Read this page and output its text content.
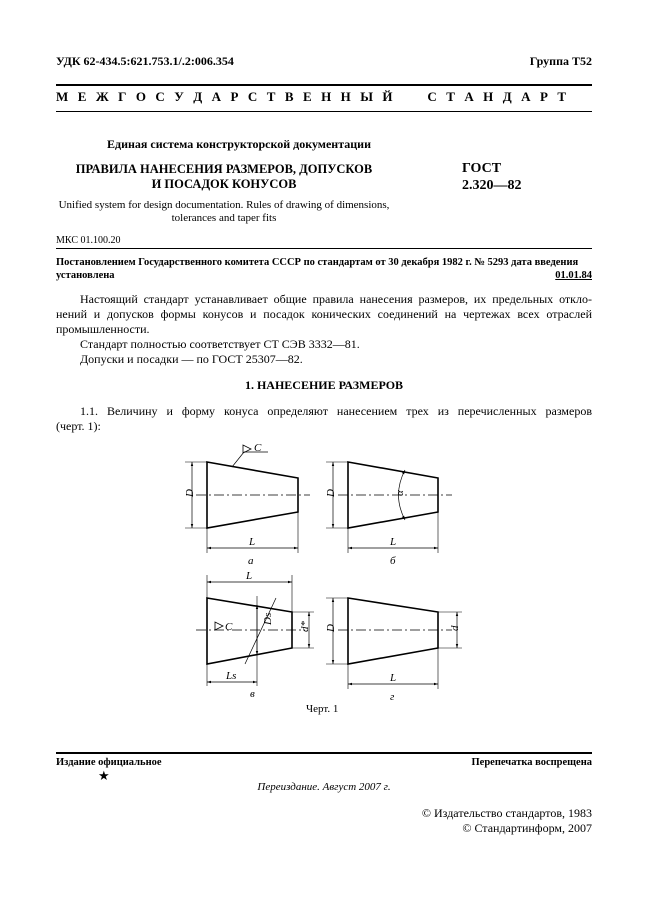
УДК 62-434.5:621.753.1/.2:006.354	Группа Т52
М Е Ж Г О С У Д А Р С Т В Е Н Н Ы Й     С Т А Н Д А Р Т
Единая система конструкторской документации
ПРАВИЛА НАНЕСЕНИЯ РАЗМЕРОВ, ДОПУСКОВ
И ПОСАДОК КОНУСОВ
ГОСТ
2.320—82
Unified system for design documentation. Rules of drawing of dimensions,
tolerances and taper fits
МКС 01.100.20
Постановлением Государственного комитета СССР по стандартам от 30 декабря 1982 г. № 5293 дата введения
установлена	01.01.84
Настоящий стандарт устанавливает общие правила нанесения размеров, их предельных откло-
нений и допусков формы конусов и посадок конических соединений на чертежах всех отраслей
промышленности.
Стандарт полностью соответствует СТ СЭВ 3332—81.
Допуски и посадки — по ГОСТ 25307—82.
1. НАНЕСЕНИЕ РАЗМЕРОВ
1.1. Величину и форму конуса определяют нанесением трех из перечисленных размеров
(черт. 1):
C
D
L
а
D	α
L
б
L
C
Ds
d*
Ls
в
D	d
L
г
Черт. 1
Издание официальное	Перепечатка воспрещена
★
Переиздание. Август 2007 г.
© Издательство стандартов, 1983
© Стандартинформ, 2007
